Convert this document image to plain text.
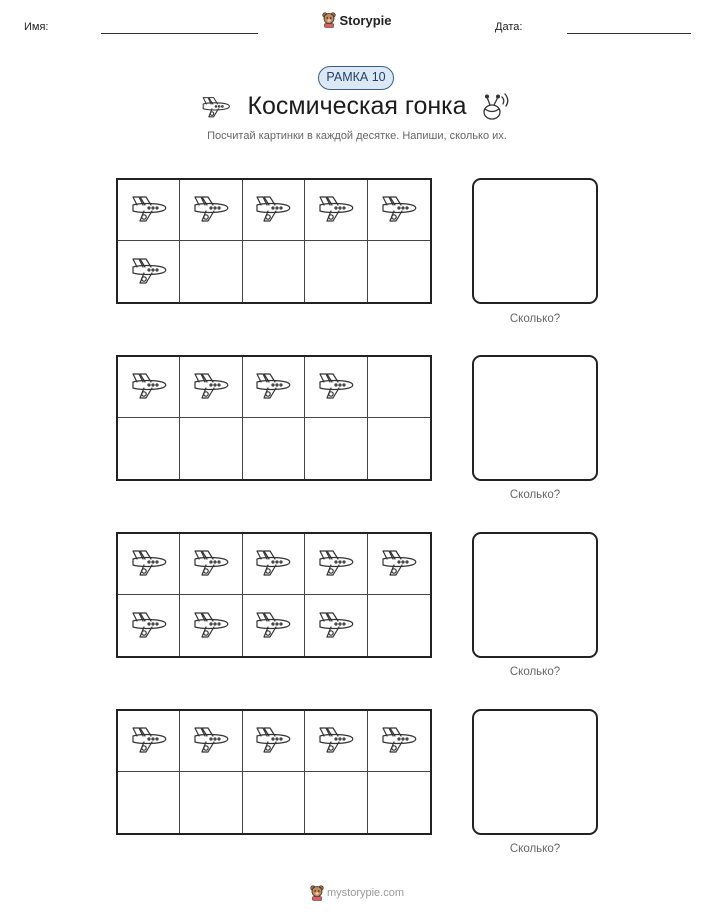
Имя:	Storypie	Дата:
РАМКА 10
Космическая гонка
Посчитай картинки в каждой десятке. Напиши, сколько их.
Сколько?
Сколько?
Сколько?
Сколько?
mystorypie.com
